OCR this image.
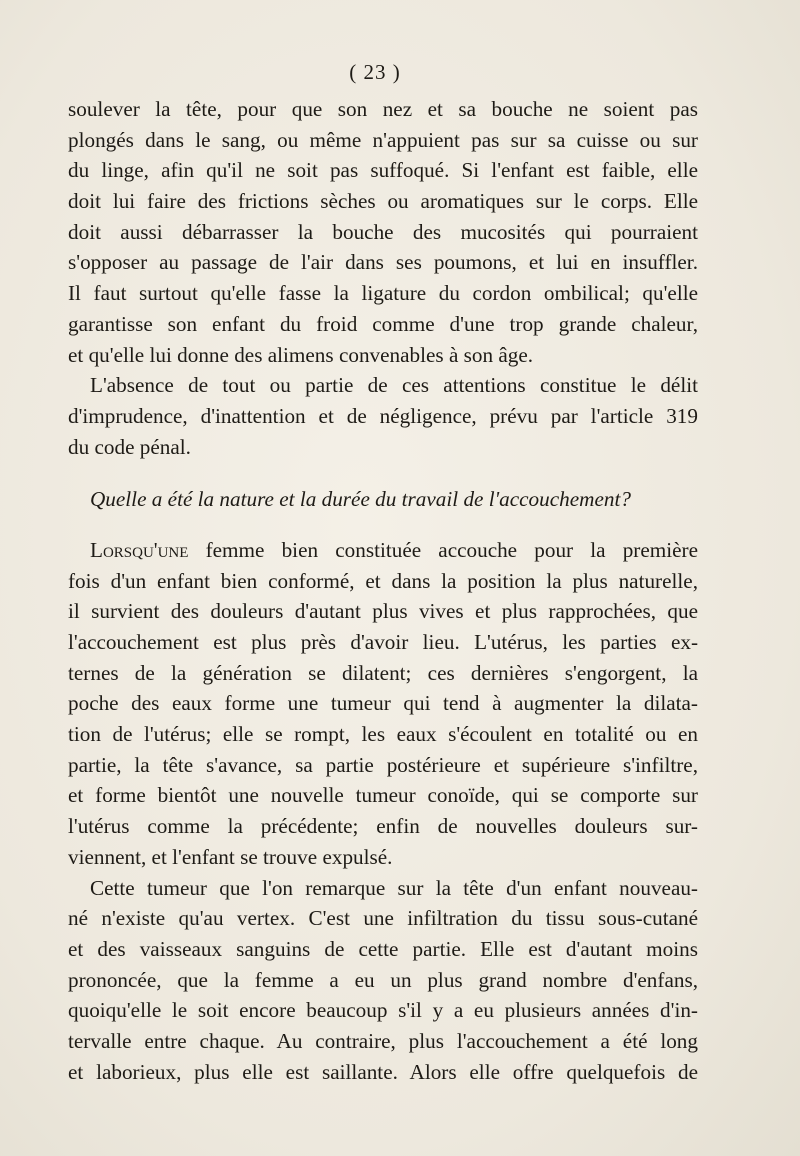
( 23 )
soulever la tête, pour que son nez et sa bouche ne soient pas
plongés dans le sang, ou même n'appuient pas sur sa cuisse ou sur
du linge, afin qu'il ne soit pas suffoqué. Si l'enfant est faible, elle
doit lui faire des frictions sèches ou aromatiques sur le corps. Elle
doit aussi débarrasser la bouche des mucosités qui pourraient
s'opposer au passage de l'air dans ses poumons, et lui en insuffler.
Il faut surtout qu'elle fasse la ligature du cordon ombilical; qu'elle
garantisse son enfant du froid comme d'une trop grande chaleur,
et qu'elle lui donne des alimens convenables à son âge.
L'absence de tout ou partie de ces attentions constitue le délit
d'imprudence, d'inattention et de négligence, prévu par l'article 319
du code pénal.
Quelle a été la nature et la durée du travail de l'accouchement?
Lorsqu'une femme bien constituée accouche pour la première
fois d'un enfant bien conformé, et dans la position la plus naturelle,
il survient des douleurs d'autant plus vives et plus rapprochées, que
l'accouchement est plus près d'avoir lieu. L'utérus, les parties ex-
ternes de la génération se dilatent; ces dernières s'engorgent, la
poche des eaux forme une tumeur qui tend à augmenter la dilata-
tion de l'utérus; elle se rompt, les eaux s'écoulent en totalité ou en
partie, la tête s'avance, sa partie postérieure et supérieure s'infiltre,
et forme bientôt une nouvelle tumeur conoïde, qui se comporte sur
l'utérus comme la précédente; enfin de nouvelles douleurs sur-
viennent, et l'enfant se trouve expulsé.
Cette tumeur que l'on remarque sur la tête d'un enfant nouveau-
né n'existe qu'au vertex. C'est une infiltration du tissu sous-cutané
et des vaisseaux sanguins de cette partie. Elle est d'autant moins
prononcée, que la femme a eu un plus grand nombre d'enfans,
quoiqu'elle le soit encore beaucoup s'il y a eu plusieurs années d'in-
tervalle entre chaque. Au contraire, plus l'accouchement a été long
et laborieux, plus elle est saillante. Alors elle offre quelquefois de
